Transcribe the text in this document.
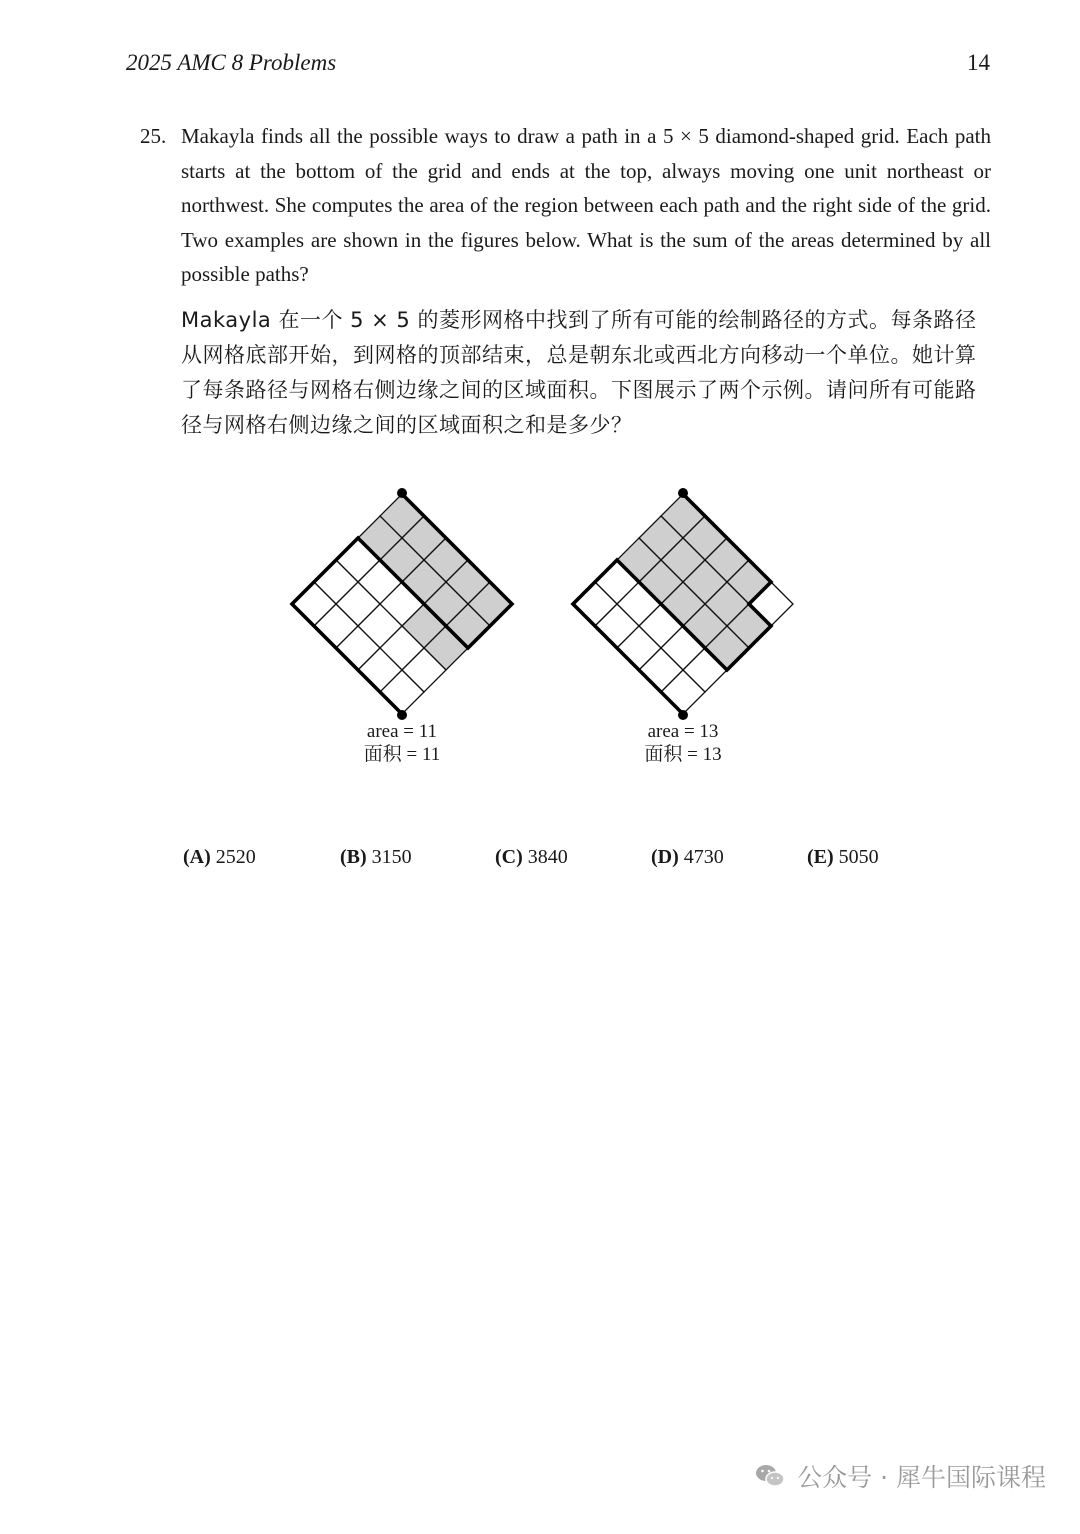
2025 AMC 8 Problems	14
25. Makayla finds all the possible ways to draw a path in a 5 × 5 diamond-shaped grid. Each path starts at the bottom of the grid and ends at the top, always moving one unit northeast or northwest. She computes the area of the region between each path and the right side of the grid. Two examples are shown in the figures below. What is the sum of the areas determined by all possible paths?
Makayla 在一个 5 × 5 的菱形网格中找到了所有可能的绘制路径的方式。每条路径从网格底部开始，到网格的顶部结束，总是朝东北或西北方向移动一个单位。她计算了每条路径与网格右侧边缘之间的区域面积。下图展示了两个示例。请问所有可能路径与网格右侧边缘之间的区域面积之和是多少？
area = 11
面积 = 11
area = 13
面积 = 13
(A) 2520	(B) 3150	(C) 3840	(D) 4730	(E) 5050
公众号 · 犀牛国际课程
